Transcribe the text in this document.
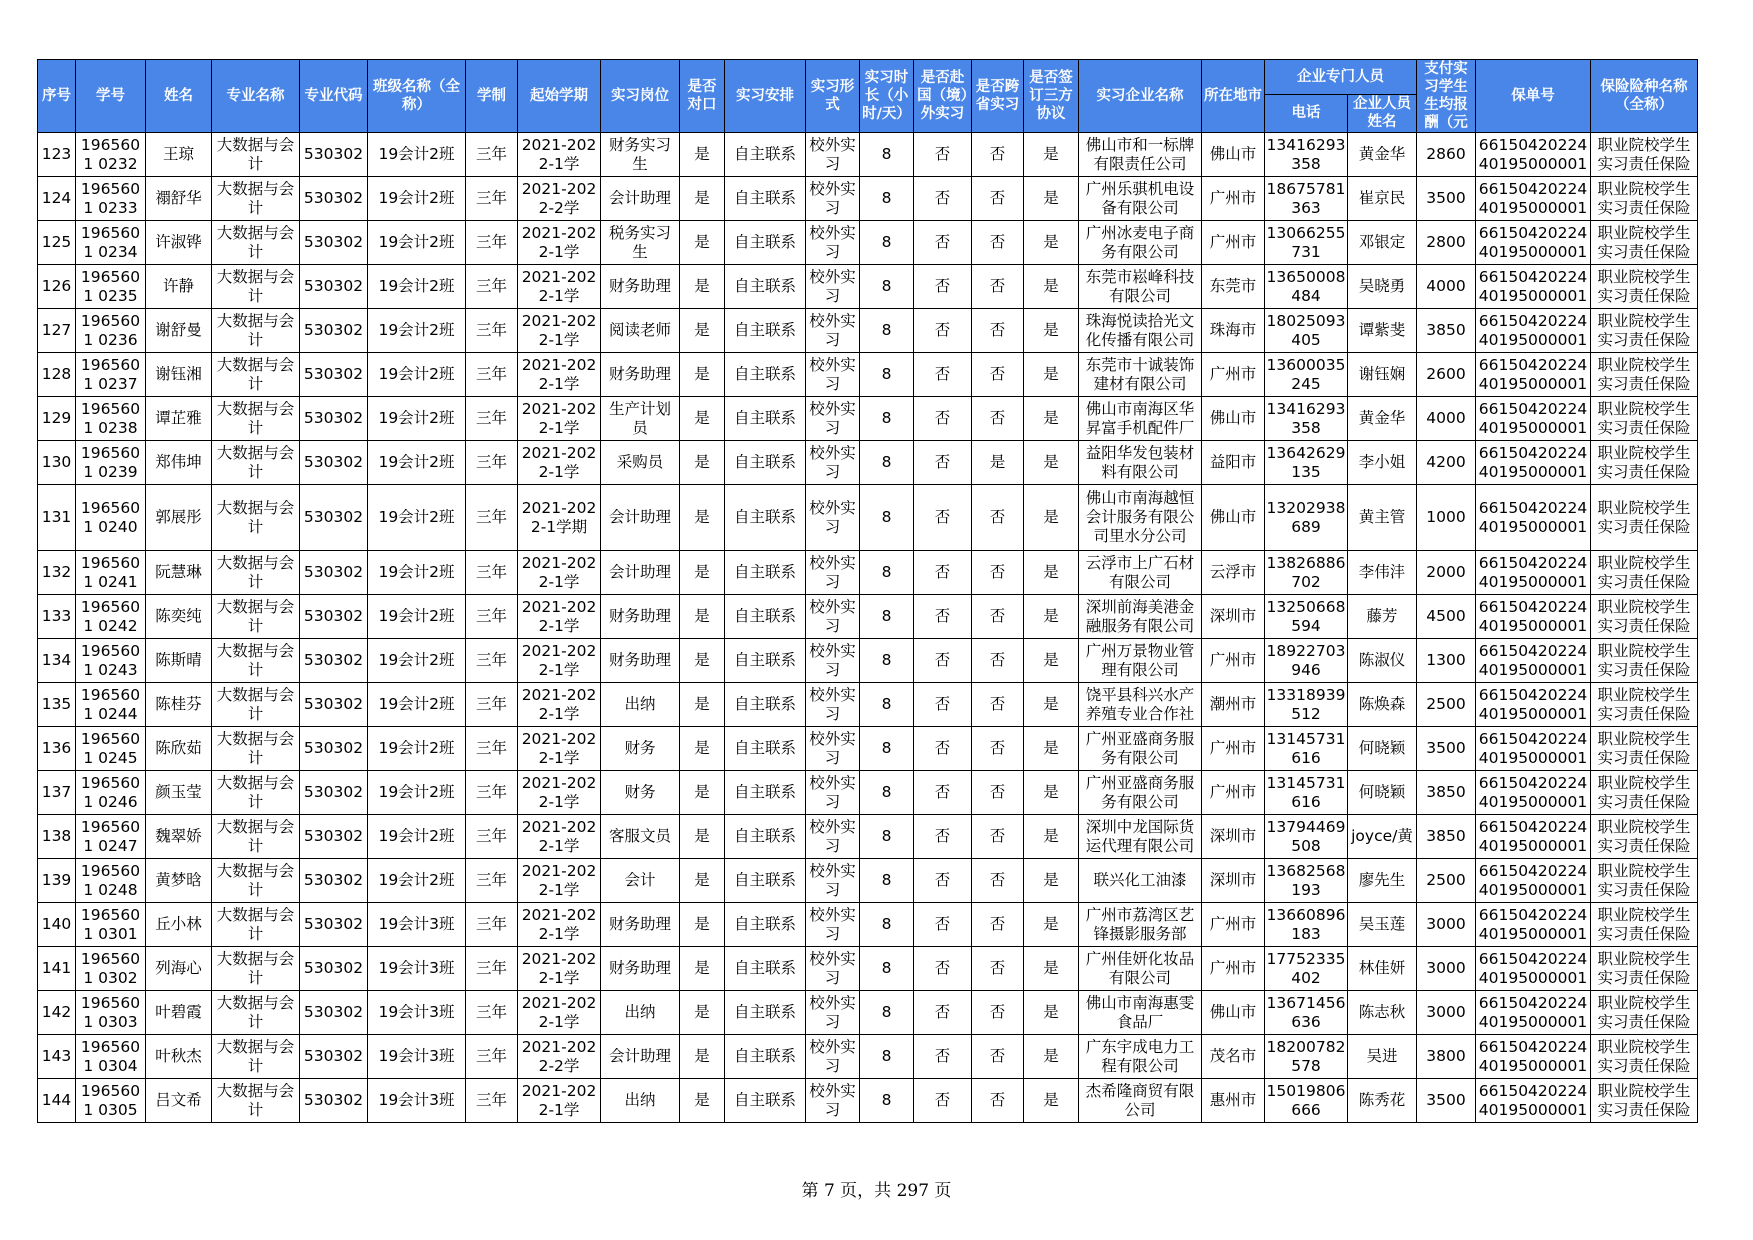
序号	学号	姓名	专业名称	专业代码	班级名称（全称）	学制	起始学期	实习岗位	是否对口	实习安排	实习形式	实习时长（小时/天）	是否赴国（境）外实习	是否跨省实习	是否签订三方协议	实习企业名称	所在地市	企业专门人员		支付实习学生生均报酬（元	保单号	保险险种名称（全称）
																		电话	企业人员姓名			

123	1965601 0232	王琼	大数据与会计	530302	19会计2班	三年	2021-2022-1学	财务实习生	是	自主联系	校外实习	8	否	否	是	佛山市和一标牌有限责任公司	佛山市	13416293 358	黄金华	2860	66150420224 40195000001	职业院校学生实习责任保险

124	1965601 0233	禤舒华	大数据与会计	530302	19会计2班	三年	2021-2022-2学	会计助理	是	自主联系	校外实习	8	否	否	是	广州乐骐机电设备有限公司	广州市	18675781 363	崔京民	3500	66150420224 40195000001	职业院校学生实习责任保险

125	1965601 0234	许淑铧	大数据与会计	530302	19会计2班	三年	2021-2022-1学	税务实习生	是	自主联系	校外实习	8	否	否	是	广州冰麦电子商务有限公司	广州市	13066255 731	邓银定	2800	66150420224 40195000001	职业院校学生实习责任保险

126	1965601 0235	许静	大数据与会计	530302	19会计2班	三年	2021-2022-1学	财务助理	是	自主联系	校外实习	8	否	否	是	东莞市崧峰科技有限公司	东莞市	13650008 484	吴晓勇	4000	66150420224 40195000001	职业院校学生实习责任保险

127	1965601 0236	谢舒曼	大数据与会计	530302	19会计2班	三年	2021-2022-1学	阅读老师	是	自主联系	校外实习	8	否	否	是	珠海悦读拾光文化传播有限公司	珠海市	18025093 405	谭紫斐	3850	66150420224 40195000001	职业院校学生实习责任保险

128	1965601 0237	谢钰湘	大数据与会计	530302	19会计2班	三年	2021-2022-1学	财务助理	是	自主联系	校外实习	8	否	否	是	东莞市十诚装饰建材有限公司	广州市	13600035 245	谢钰娴	2600	66150420224 40195000001	职业院校学生实习责任保险

129	1965601 0238	谭芷雅	大数据与会计	530302	19会计2班	三年	2021-2022-1学	生产计划员	是	自主联系	校外实习	8	否	否	是	佛山市南海区华昇富手机配件厂	佛山市	13416293 358	黄金华	4000	66150420224 40195000001	职业院校学生实习责任保险

130	1965601 0239	郑伟坤	大数据与会计	530302	19会计2班	三年	2021-2022-1学	采购员	是	自主联系	校外实习	8	否	是	是	益阳华发包装材料有限公司	益阳市	13642629 135	李小姐	4200	66150420224 40195000001	职业院校学生实习责任保险

131	1965601 0240	郭展彤	大数据与会计	530302	19会计2班	三年	2021-2022-1学期	会计助理	是	自主联系	校外实习	8	否	否	是	佛山市南海越恒会计服务有限公司里水分公司	佛山市	13202938 689	黄主管	1000	66150420224 40195000001	职业院校学生实习责任保险

132	1965601 0241	阮慧琳	大数据与会计	530302	19会计2班	三年	2021-2022-1学	会计助理	是	自主联系	校外实习	8	否	否	是	云浮市上广石材有限公司	云浮市	13826886 702	李伟沣	2000	66150420224 40195000001	职业院校学生实习责任保险

133	1965601 0242	陈奕纯	大数据与会计	530302	19会计2班	三年	2021-2022-1学	财务助理	是	自主联系	校外实习	8	否	否	是	深圳前海美港金融服务有限公司	深圳市	13250668 594	藤芳	4500	66150420224 40195000001	职业院校学生实习责任保险

134	1965601 0243	陈斯晴	大数据与会计	530302	19会计2班	三年	2021-2022-1学	财务助理	是	自主联系	校外实习	8	否	否	是	广州万景物业管理有限公司	广州市	18922703 946	陈淑仪	1300	66150420224 40195000001	职业院校学生实习责任保险

135	1965601 0244	陈桂芬	大数据与会计	530302	19会计2班	三年	2021-2022-1学	出纳	是	自主联系	校外实习	8	否	否	是	饶平县科兴水产养殖专业合作社	潮州市	13318939 512	陈焕森	2500	66150420224 40195000001	职业院校学生实习责任保险

136	1965601 0245	陈欣茹	大数据与会计	530302	19会计2班	三年	2021-2022-1学	财务	是	自主联系	校外实习	8	否	否	是	广州亚盛商务服务有限公司	广州市	13145731 616	何晓颖	3500	66150420224 40195000001	职业院校学生实习责任保险

137	1965601 0246	颜玉莹	大数据与会计	530302	19会计2班	三年	2021-2022-1学	财务	是	自主联系	校外实习	8	否	否	是	广州亚盛商务服务有限公司	广州市	13145731 616	何晓颖	3850	66150420224 40195000001	职业院校学生实习责任保险

138	1965601 0247	魏翠娇	大数据与会计	530302	19会计2班	三年	2021-2022-1学	客服文员	是	自主联系	校外实习	8	否	否	是	深圳中龙国际货运代理有限公司	深圳市	13794469 508	joyce/黄	3850	66150420224 40195000001	职业院校学生实习责任保险

139	1965601 0248	黄梦晗	大数据与会计	530302	19会计2班	三年	2021-2022-1学	会计	是	自主联系	校外实习	8	否	否	是	联兴化工油漆	深圳市	13682568 193	廖先生	2500	66150420224 40195000001	职业院校学生实习责任保险

140	1965601 0301	丘小林	大数据与会计	530302	19会计3班	三年	2021-2022-1学	财务助理	是	自主联系	校外实习	8	否	否	是	广州市荔湾区艺锋摄影服务部	广州市	13660896 183	吴玉莲	3000	66150420224 40195000001	职业院校学生实习责任保险

141	1965601 0302	列海心	大数据与会计	530302	19会计3班	三年	2021-2022-1学	财务助理	是	自主联系	校外实习	8	否	否	是	广州佳妍化妆品有限公司	广州市	17752335 402	林佳妍	3000	66150420224 40195000001	职业院校学生实习责任保险

142	1965601 0303	叶碧霞	大数据与会计	530302	19会计3班	三年	2021-2022-1学	出纳	是	自主联系	校外实习	8	否	否	是	佛山市南海惠雯食品厂	佛山市	13671456 636	陈志秋	3000	66150420224 40195000001	职业院校学生实习责任保险

143	1965601 0304	叶秋杰	大数据与会计	530302	19会计3班	三年	2021-2022-2学	会计助理	是	自主联系	校外实习	8	否	否	是	广东宇成电力工程有限公司	茂名市	18200782 578	吴进	3800	66150420224 40195000001	职业院校学生实习责任保险

144	1965601 0305	吕文希	大数据与会计	530302	19会计3班	三年	2021-2022-1学	出纳	是	自主联系	校外实习	8	否	否	是	杰希隆商贸有限公司	惠州市	15019806 666	陈秀花	3500	66150420224 40195000001	职业院校学生实习责任保险
第 7 页，共 297 页
